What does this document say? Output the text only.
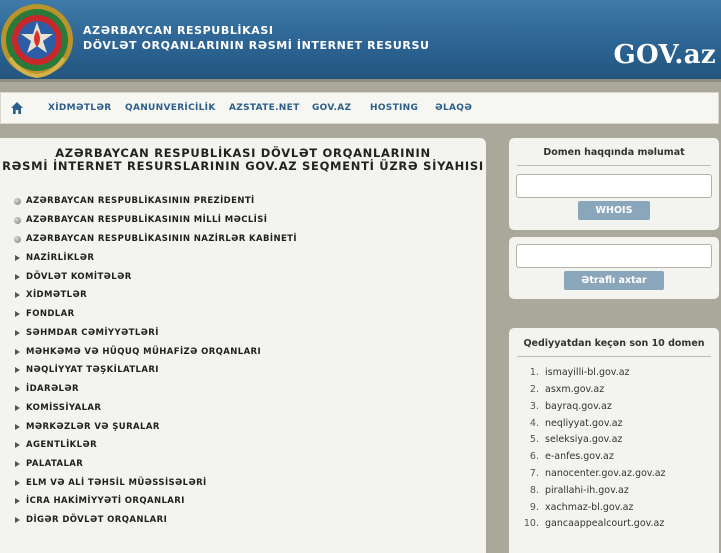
AZƏRBAYCAN RESPUBLİKASI
DÖVLƏT ORQANLARININ RƏSMİ İNTERNET RESURSU	GOV.az
XİDMƏTLƏR QANUNVERİCİLİK AZSTATE.NET GOV.AZ HOSTING ƏLAQƏ
AZƏRBAYCAN RESPUBLİKASI DÖVLƏT ORQANLARININ
RƏSMİ İNTERNET RESURSLARININ GOV.AZ SEQMENTİ ÜZRƏ SİYAHISI
AZƏRBAYCAN RESPUBLİKASININ PREZİDENTİ
AZƏRBAYCAN RESPUBLİKASININ MİLLİ MƏCLİSİ
AZƏRBAYCAN RESPUBLİKASININ NAZİRLƏR KABİNETİ
NAZİRLİKLƏR
DÖVLƏT KOMİTƏLƏR
XİDMƏTLƏR
FONDLAR
SƏHMDAR CƏMİYYƏTLƏRİ
MƏHKƏMƏ VƏ HÜQUQ MÜHAFİZƏ ORQANLARI
NƏQLİYYAT TƏŞKİLATLARI
İDARƏLƏR
KOMİSSİYALAR
MƏRKƏZLƏR VƏ ŞURALAR
AGENTLİKLƏR
PALATALAR
ELM VƏ ALİ TƏHSİL MÜƏSSİSƏLƏRİ
İCRA HAKİMİYYƏTİ ORQANLARI
DİGƏR DÖVLƏT ORQANLARI
Domen haqqında məlumat
WHOIS
Ətraflı axtar
Qediyyatdan keçən son 10 domen
1. ismayilli-bl.gov.az
2. asxm.gov.az
3. bayraq.gov.az
4. neqliyyat.gov.az
5. seleksiya.gov.az
6. e-anfes.gov.az
7. nanocenter.gov.az.gov.az
8. pirallahi-ih.gov.az
9. xachmaz-bl.gov.az
10. gancaappealcourt.gov.az
